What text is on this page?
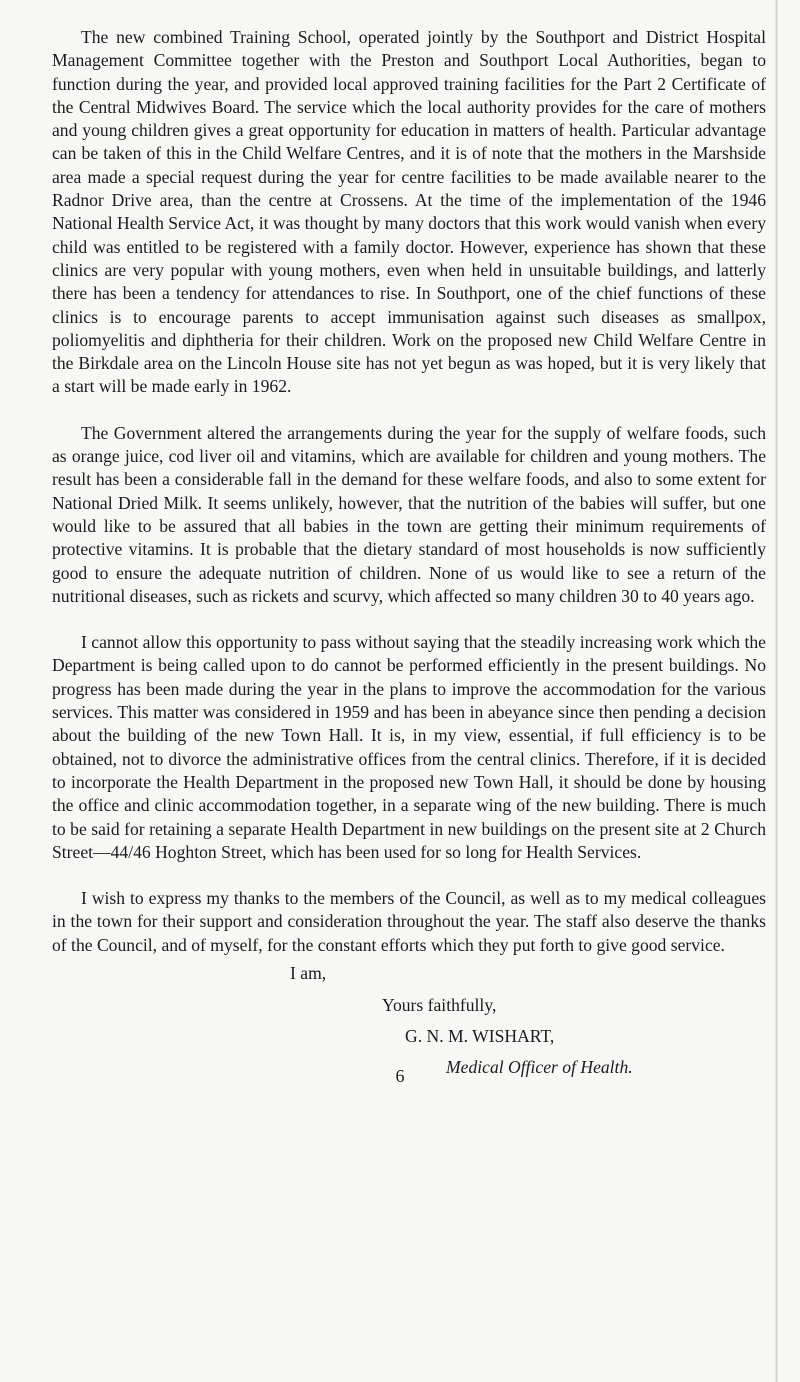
The new combined Training School, operated jointly by the Southport and District Hospital Management Committee together with the Preston and Southport Local Authorities, began to function during the year, and provided local approved training facilities for the Part 2 Certificate of the Central Midwives Board. The service which the local authority provides for the care of mothers and young children gives a great opportunity for education in matters of health. Particular advantage can be taken of this in the Child Welfare Centres, and it is of note that the mothers in the Marshside area made a special request during the year for centre facilities to be made available nearer to the Radnor Drive area, than the centre at Crossens. At the time of the implementation of the 1946 National Health Service Act, it was thought by many doctors that this work would vanish when every child was entitled to be registered with a family doctor. However, experience has shown that these clinics are very popular with young mothers, even when held in unsuitable buildings, and latterly there has been a tendency for attendances to rise. In Southport, one of the chief functions of these clinics is to encourage parents to accept immunisation against such diseases as smallpox, poliomyelitis and diphtheria for their children. Work on the proposed new Child Welfare Centre in the Birkdale area on the Lincoln House site has not yet begun as was hoped, but it is very likely that a start will be made early in 1962.

The Government altered the arrangements during the year for the supply of welfare foods, such as orange juice, cod liver oil and vitamins, which are available for children and young mothers. The result has been a considerable fall in the demand for these welfare foods, and also to some extent for National Dried Milk. It seems unlikely, however, that the nutrition of the babies will suffer, but one would like to be assured that all babies in the town are getting their minimum requirements of protective vitamins. It is probable that the dietary standard of most households is now sufficiently good to ensure the adequate nutrition of children. None of us would like to see a return of the nutritional diseases, such as rickets and scurvy, which affected so many children 30 to 40 years ago.

I cannot allow this opportunity to pass without saying that the steadily increasing work which the Department is being called upon to do cannot be performed efficiently in the present buildings. No progress has been made during the year in the plans to improve the accommodation for the various services. This matter was considered in 1959 and has been in abeyance since then pending a decision about the building of the new Town Hall. It is, in my view, essential, if full efficiency is to be obtained, not to divorce the administrative offices from the central clinics. Therefore, if it is decided to incorporate the Health Department in the proposed new Town Hall, it should be done by housing the office and clinic accommodation together, in a separate wing of the new building. There is much to be said for retaining a separate Health Department in new buildings on the present site at 2 Church Street—44/46 Hoghton Street, which has been used for so long for Health Services.

I wish to express my thanks to the members of the Council, as well as to my medical colleagues in the town for their support and consideration throughout the year. The staff also deserve the thanks of the Council, and of myself, for the constant efforts which they put forth to give good service.

I am,
Yours faithfully,
G. N. M. WISHART,
Medical Officer of Health.
6
